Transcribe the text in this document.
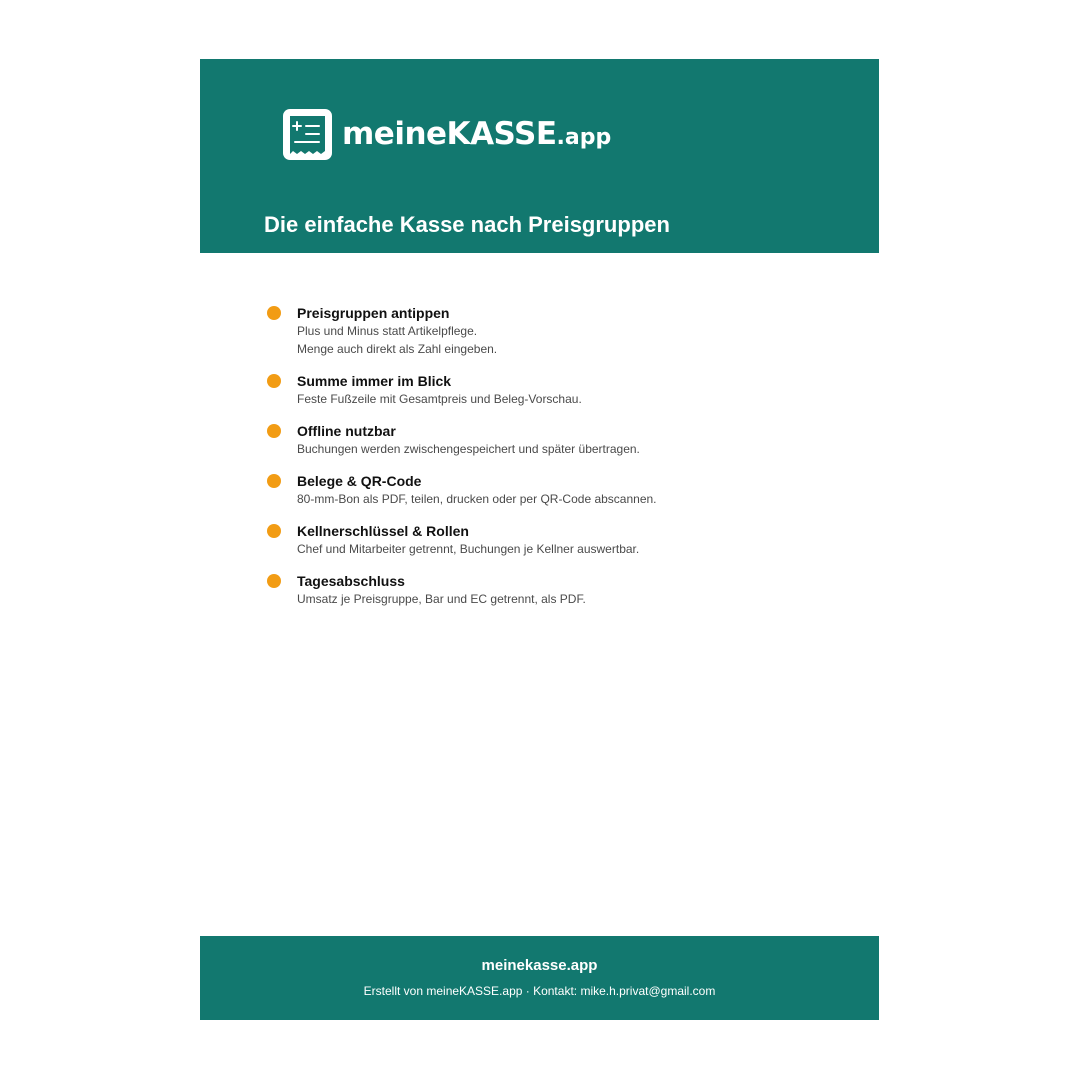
meineKASSE.app
Die einfache Kasse nach Preisgruppen
Preisgruppen antippen
Plus und Minus statt Artikelpflege.
Menge auch direkt als Zahl eingeben.
Summe immer im Blick
Feste Fußzeile mit Gesamtpreis und Beleg-Vorschau.
Offline nutzbar
Buchungen werden zwischengespeichert und später übertragen.
Belege & QR-Code
80-mm-Bon als PDF, teilen, drucken oder per QR-Code abscannen.
Kellnerschlüssel & Rollen
Chef und Mitarbeiter getrennt, Buchungen je Kellner auswertbar.
Tagesabschluss
Umsatz je Preisgruppe, Bar und EC getrennt, als PDF.
meinekasse.app
Erstellt von meineKASSE.app · Kontakt: mike.h.privat@gmail.com
